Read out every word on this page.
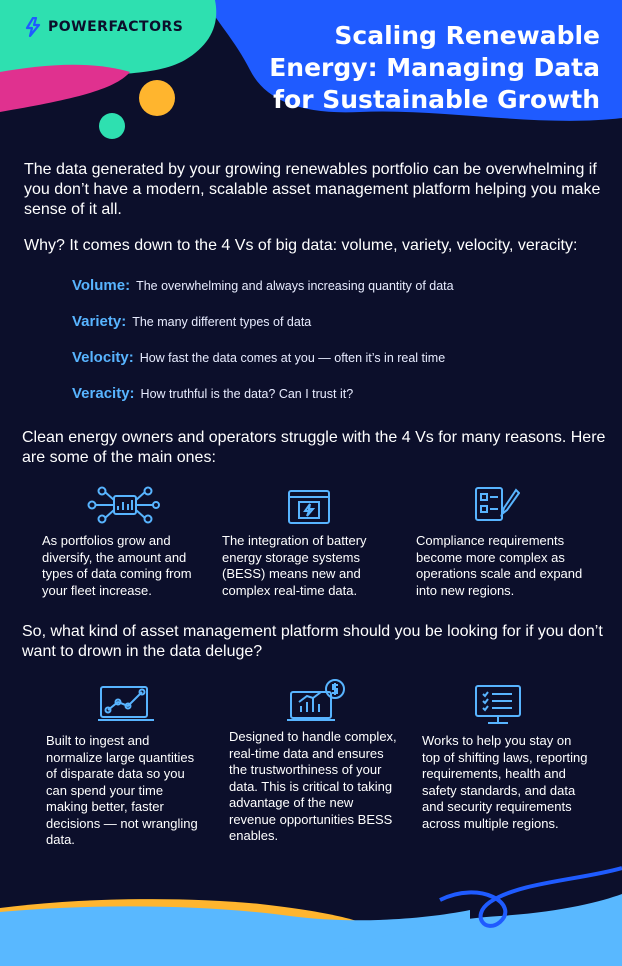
POWERFACTORS	Scaling Renewable Energy: Managing Data for Sustainable Growth
The data generated by your growing renewables portfolio can be overwhelming if you don’t have a modern, scalable asset management platform helping you make sense of it all.
Why? It comes down to the 4 Vs of big data: volume, variety, velocity, veracity:
Volume: The overwhelming and always increasing quantity of data
Variety: The many different types of data
Velocity: How fast the data comes at you — often it’s in real time
Veracity: How truthful is the data? Can I trust it?
Clean energy owners and operators struggle with the 4 Vs for many reasons. Here are some of the main ones:
As portfolios grow and diversify, the amount and types of data coming from your fleet increase.
The integration of battery energy storage systems (BESS) means new and complex real-time data.
Compliance requirements become more complex as operations scale and expand into new regions.
So, what kind of asset management platform should you be looking for if you don’t want to drown in the data deluge?
Built to ingest and normalize large quantities of disparate data so you can spend your time making better, faster decisions — not wrangling data.
Designed to handle complex, real-time data and ensures the trustworthiness of your data. This is critical to taking advantage of the new revenue opportunities BESS enables.
Works to help you stay on top of shifting laws, reporting requirements, health and safety standards, and data and security requirements across multiple regions.
